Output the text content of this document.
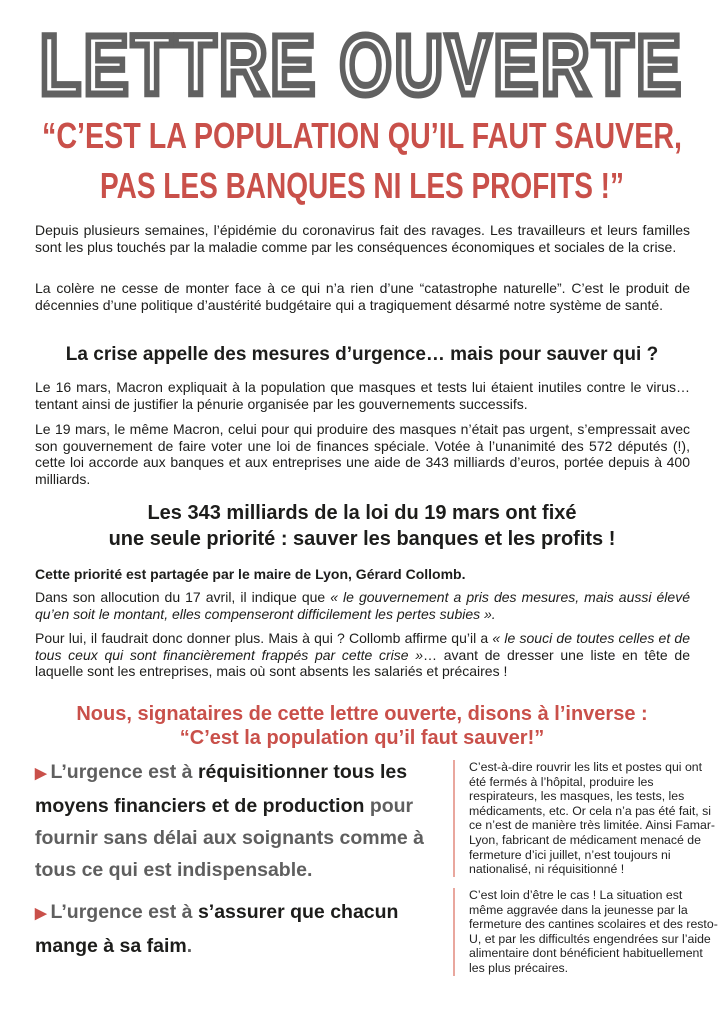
LETTRE OUVERTE
“C’EST LA POPULATION QU’IL FAUT SAUVER,
PAS LES BANQUES NI LES PROFITS !”

Depuis plusieurs semaines, l’épidémie du coronavirus fait des ravages. Les travailleurs et leurs familles sont les plus touchés par la maladie comme par les conséquences économiques et sociales de la crise.

La colère ne cesse de monter face à ce qui n’a rien d’une “catastrophe naturelle”. C’est le produit de décennies d’une politique d’austérité budgétaire qui a tragiquement désarmé notre système de santé.

La crise appelle des mesures d’urgence… mais pour sauver qui ?

Le 16 mars, Macron expliquait à la population que masques et tests lui étaient inutiles contre le virus… tentant ainsi de justifier la pénurie organisée par les gouvernements successifs.

Le 19 mars, le même Macron, celui pour qui produire des masques n’était pas urgent, s’empressait avec son gouvernement de faire voter une loi de finances spéciale. Votée à l’unanimité des 572 députés (!), cette loi accorde aux banques et aux entreprises une aide de 343 milliards d’euros, portée depuis à 400 milliards.

Les 343 milliards de la loi du 19 mars ont fixé
une seule priorité : sauver les banques et les profits !

Cette priorité est partagée par le maire de Lyon, Gérard Collomb.

Dans son allocution du 17 avril, il indique que « le gouvernement a pris des mesures, mais aussi élevé qu’en soit le montant, elles compenseront difficilement les pertes subies ».

Pour lui, il faudrait donc donner plus. Mais à qui ? Collomb affirme qu’il a « le souci de toutes celles et de tous ceux qui sont financièrement frappés par cette crise »… avant de dresser une liste en tête de laquelle sont les entreprises, mais où sont absents les salariés et précaires !

Nous, signataires de cette lettre ouverte, disons à l’inverse :
“C’est la population qu’il faut sauver!”

▶ L’urgence est à réquisitionner tous les moyens financiers et de production pour fournir sans délai aux soignants comme à tous ce qui est indispensable.

C’est-à-dire rouvrir les lits et postes qui ont été fermés à l’hôpital, produire les respirateurs, les masques, les tests, les médicaments, etc. Or cela n’a pas été fait, si ce n’est de manière très limitée. Ainsi Famar-Lyon, fabricant de médicament menacé de fermeture d’ici juillet, n’est toujours ni nationalisé, ni réquisitionné !

▶ L’urgence est à s’assurer que chacun mange à sa faim.

C’est loin d’être le cas ! La situation est même aggravée dans la jeunesse par la fermeture des cantines scolaires et des resto-U, et par les difficultés engendrées sur l’aide alimentaire dont bénéficient habituellement les plus précaires.
